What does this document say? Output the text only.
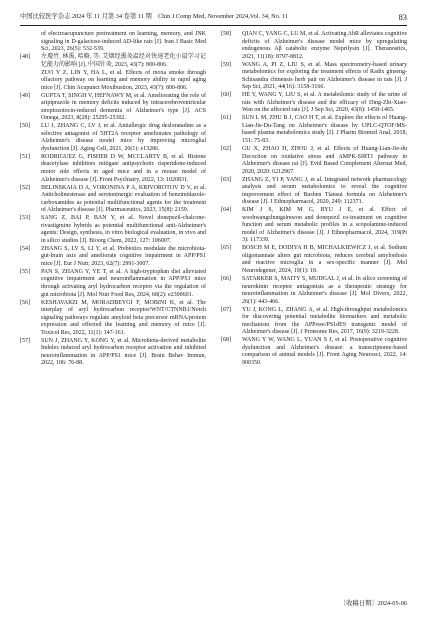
中国比较医学杂志 2024 年 11 月第 34 卷第 11 期　Chin J Comp Med, November 2024,Vol. 34, No. 11	83
of electroacupuncture pretreatment on learning, memory, and JNK signaling in D-galactose-induced AD-like rats [J]. Iran J Basic Med Sci, 2023, 26(5): 532-539.
[48] 左瓊竹, 林禹, 哈略, 等. 艾烟经熏灸温经对快速老化小鼠学习记忆能力的影响 [J]. 中国针灸, 2023, 43(7): 800-806.
ZUO Y Z, LIN Y, HA L, et al. Effects of moxa smoke through olfactory pathway on learning and memory ability in rapid aging mice [J]. Chin Acupunct Moxibustion, 2023, 43(7): 800-806.
[49] GUPTA T, SINGH V, HEFNAWY M, et al. Ameliorating the role of aripiprazole in memory deficits induced by intracerebroventricular streptozotocin-induced dementia of Alzheimer's type [J]. ACS Omega, 2023, 8(28): 25295-25302.
[50] LU J, ZHANG C, LV J, et al. Antiallergic drug desloratadine as a selective antagonist of 5HT2A receptor ameliorates pathology of Alzheimer's disease model mice by improving microglial dysfunction [J]. Aging Cell, 2021, 20(1): e13286.
[51] RODRIGUEZ G, FISHER D W, MCCLARTY B, et al. Histone deacetylase inhibitors mitigate antipsychotic risperidone-induced motor side effects in aged mice and in a mouse model of Alzheimer's disease [J]. Front Psychiatry, 2022, 13: 1020831.
[52] BELINSKAIA D A, VORONINA P A, KRIVOROTOV D V, et al. Anticholinesterase and serotoninergic evaluation of benzimidazole-carboxamides as potential multifunctional agents for the treatment of Alzheimer's disease [J]. Pharmaceutics, 2023, 15(8): 2159.
[53] SANG Z, BAI P, BAN Y, et al. Novel donepezil-chalcone-rivastigmine hybrids as potential multifunctional anti-Alzheimer's agents: Design, synthesis, in vitro biological evaluation, in vivo and in silico studies [J]. Bioorg Chem, 2022, 127: 106007.
[54] ZHANG S, LV S, LI Y, et al. Prebiotics modulate the microbiota-gut-brain axis and ameliorate cognitive impairment in APP/PS1 mice [J]. Eur J Nutr, 2023, 62(7): 2991-3007.
[55] PAN S, ZHANG Y, YE T, et al. A high-tryptophan diet alleviated cognitive impairment and neuroinflammation in APP/PS1 mice through activating aryl hydrocarbon receptor via the regulation of gut microbiota [J]. Mol Nutr Food Res, 2024, 68(2): e2300601.
[56] KESHAVARZI M, MORADBEYGI F, MOBINI K, et al. The interplay of aryl hydrocarbon receptor/WNT/CTNNB1/Notch signaling pathways regulate amyloid beta precursor mRNA/protein expression and effected the learning and memory of mice [J]. Toxicol Res, 2022, 11(1): 147-161.
[57] SUN J, ZHANG Y, KONG Y, et al. Microbiota-derived metabolite Indoles induced aryl hydrocarbon receptor activation and inhibited neuroinflammation in APP/PS1 mice [J]. Brain Behav Immun, 2022, 106: 76-88.
[58] QIAN C, YANG C, LU M, et al. Activating AhR alleviates cognitive deficits of Alzheimer's disease model mice by upregulating endogenous Aβ catabolic enzyme Neprilysin [J]. Theranostics, 2021, 11(18): 8797-8812.
[59] WANG A, PI Z, LIU S, et al. Mass spectrometry-based urinary metabolomics for exploring the treatment effects of Radix ginseng-Schisandra chinensis herb pair on Alzheimer's disease in rats [J]. J Sep Sci, 2021, 44(16): 3158-3166.
[60] HE Y, WANG Y, LIU S, et al. A metabolomic study of the urine of rats with Alzheimer's disease and the efficacy of Ding-Zhi-Xiao-Wan on the affected rats [J]. J Sep Sci, 2020, 43(8): 1458-1465.
[61] SUN L M, ZHU B J, CAO H T, et al. Explore the effects of Huang-Lian-Jie-Du-Tang on Alzheimer's disease by UPLC-QTOF/MS-based plasma metabolomics study [J]. J Pharm Biomed Anal, 2018, 151: 75-83.
[62] GU X, ZHAO H, ZHOU J, et al. Effects of Huang-Lian-Jie-du Decoction on oxidative stress and AMPK-SIRT1 pathway in Alzheimer's disease rat [J]. Evid Based Complement Alternat Med, 2020, 2020: 6212907.
[63] ZHANG Z, YI P, YANG J, et al. Integrated network pharmacology analysis and serum metabolomics to reveal the cognitive improvement effect of Bushen Tiansui formula on Alzheimer's disease [J]. J Ethnopharmacol, 2020, 249: 112371.
[64] KIM J S, KIM M G, RYU J E, et al. Effect of woohwangchungsimwon and donepezil co-treatment on cognitive function and serum metabolic profiles in a scopolamine-induced model of Alzheimer's disease [J]. J Ethnopharmacol, 2024, 319(Pt 3): 117339.
[65] BOSCH M E, DODIYA H B, MICHALKIEWICZ J, et al. Sodium oligomannate alters gut microbiota, reduces cerebral amyloidosis and reactive microglia in a sex-specific manner [J]. Mol Neurodegener, 2024, 19(1): 18.
[66] SATARKER S, MAITY S, MUDGAL J, et al. In silico screening of neurokinin receptor antagonists as a therapeutic strategy for neuroinflammation in Alzheimer's disease [J]. Mol Divers, 2022, 26(1): 443-466.
[67] YU J, KONG L, ZHANG A, et al. High-throughput metabolomics for discovering potential metabolite biomarkers and metabolic mechanism from the APPswe/PS1dE9 transgenic model of Alzheimer's disease [J]. J Proteome Res, 2017, 16(9): 3219-3228.
[68] WANG Y W, WANG L, YUAN S J, et al. Postoperative cognitive dysfunction and Alzheimer's disease: a transcriptome-based comparison of animal models [J]. Front Aging Neurosci, 2022, 14: 900350.
〔收稿日期〕2024-05-06
